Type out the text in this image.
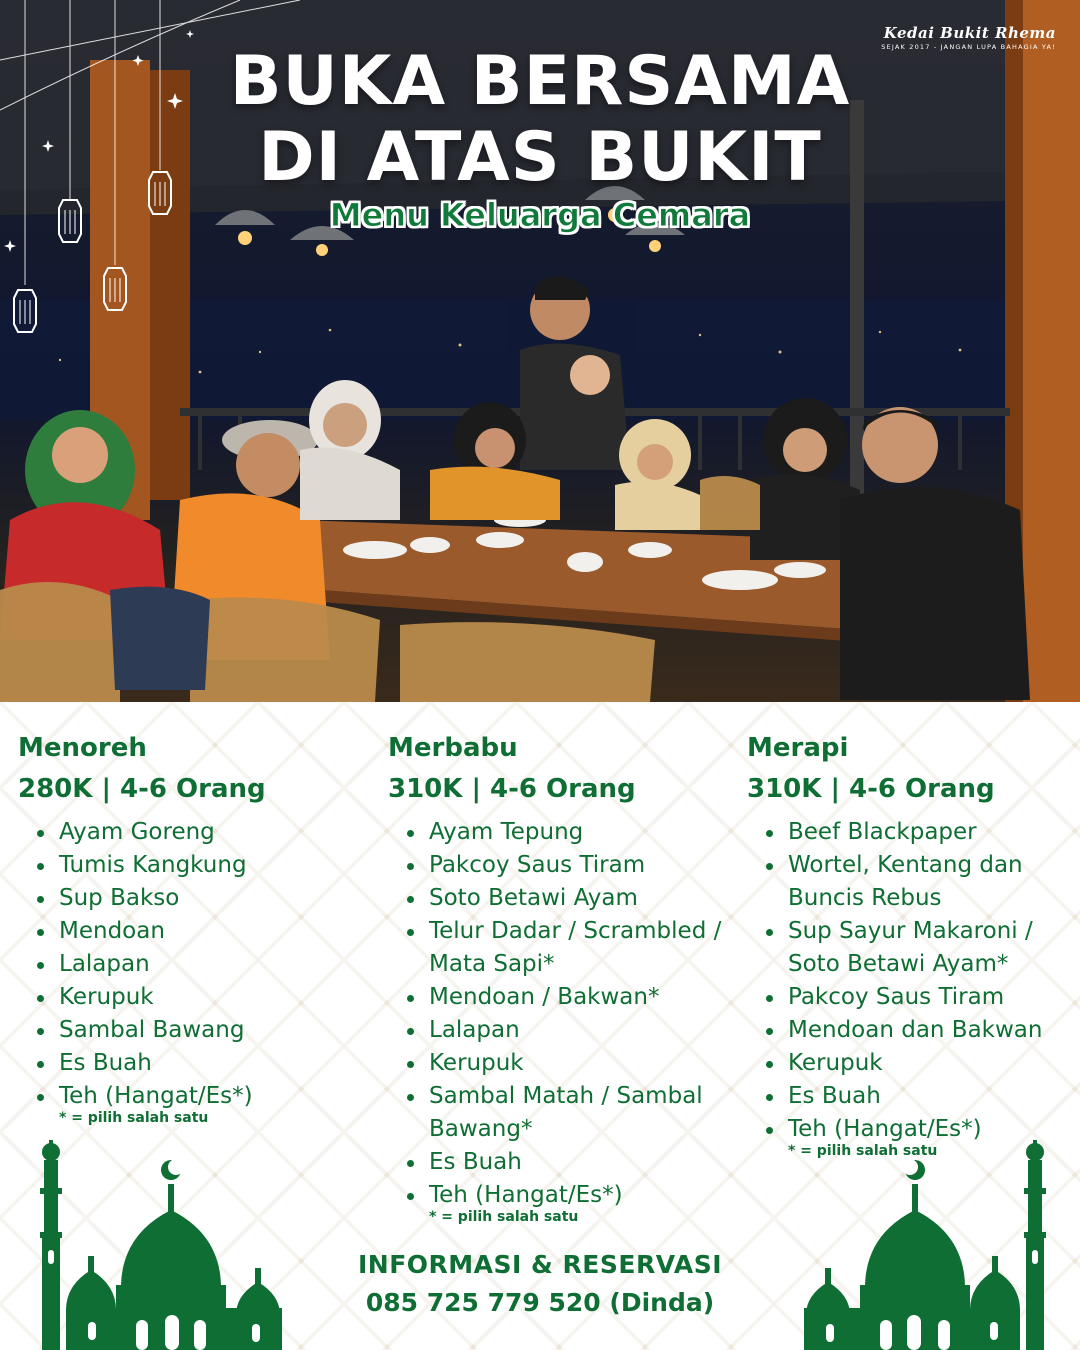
Kedai Bukit Rhema
SEJAK 2017 - JANGAN LUPA BAHAGIA YA!
BUKA BERSAMA
DI ATAS BUKIT
Menu Keluarga Cemara
Menoreh
280K | 4-6 Orang
Ayam Goreng
Tumis Kangkung
Sup Bakso
Mendoan
Lalapan
Kerupuk
Sambal Bawang
Es Buah
Teh (Hangat/Es*)
* = pilih salah satu
Merbabu
310K | 4-6 Orang
Ayam Tepung
Pakcoy Saus Tiram
Soto Betawi Ayam
Telur Dadar / Scrambled / Mata Sapi*
Mendoan / Bakwan*
Lalapan
Kerupuk
Sambal Matah / Sambal Bawang*
Es Buah
Teh (Hangat/Es*)
* = pilih salah satu
Merapi
310K | 4-6 Orang
Beef Blackpaper
Wortel, Kentang dan Buncis Rebus
Sup Sayur Makaroni / Soto Betawi Ayam*
Pakcoy Saus Tiram
Mendoan dan Bakwan
Kerupuk
Es Buah
Teh (Hangat/Es*)
* = pilih salah satu
INFORMASI & RESERVASI
085 725 779 520 (Dinda)
